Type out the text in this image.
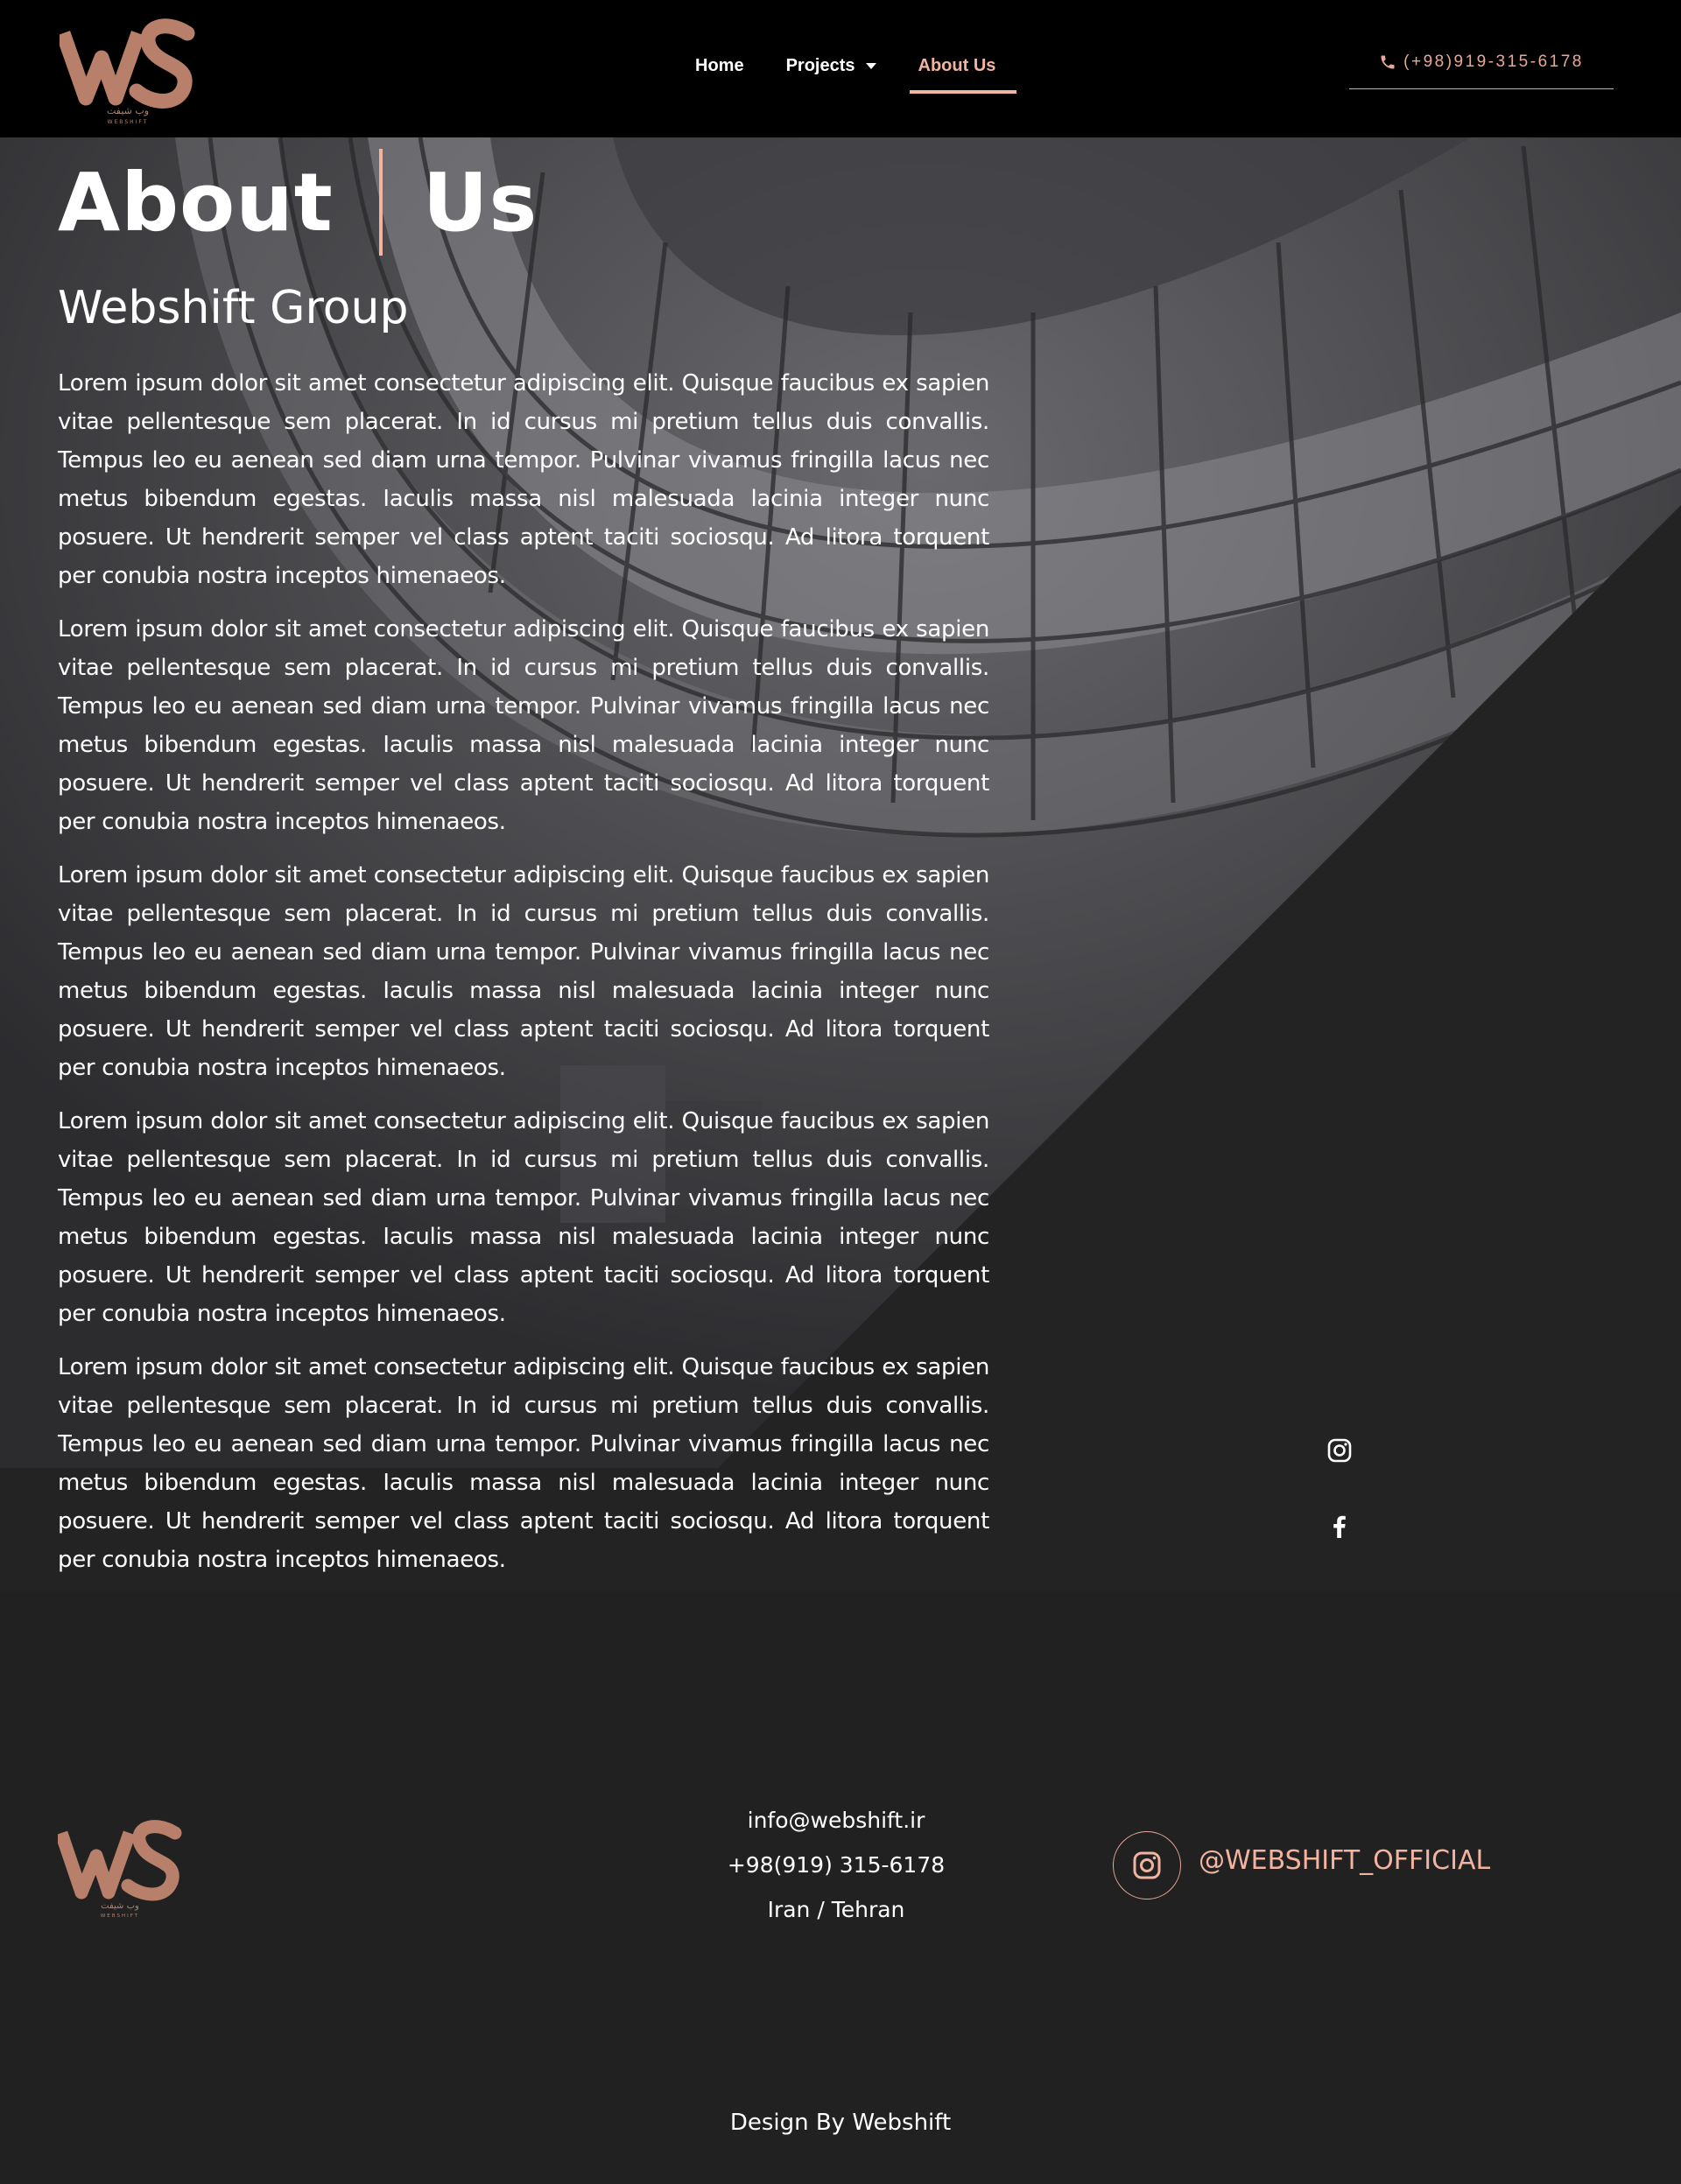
وب شیفت
WEBSHIFT
Home Projects	About Us	(+98)919-315-6178
About Us
Webshift Group

Lorem ipsum dolor sit amet consectetur adipiscing elit. Quisque faucibus ex sapien vitae pellentesque sem placerat. In id cursus mi pretium tellus duis convallis. Tempus leo eu aenean sed diam urna tempor. Pulvinar vivamus fringilla lacus nec metus bibendum egestas. Iaculis massa nisl malesuada lacinia integer nunc posuere. Ut hendrerit semper vel class aptent taciti sociosqu. Ad litora torquent per conubia nostra inceptos himenaeos.

Lorem ipsum dolor sit amet consectetur adipiscing elit. Quisque faucibus ex sapien vitae pellentesque sem placerat. In id cursus mi pretium tellus duis convallis. Tempus leo eu aenean sed diam urna tempor. Pulvinar vivamus fringilla lacus nec metus bibendum egestas. Iaculis massa nisl malesuada lacinia integer nunc posuere. Ut hendrerit semper vel class aptent taciti sociosqu. Ad litora torquent per conubia nostra inceptos himenaeos.

Lorem ipsum dolor sit amet consectetur adipiscing elit. Quisque faucibus ex sapien vitae pellentesque sem placerat. In id cursus mi pretium tellus duis convallis. Tempus leo eu aenean sed diam urna tempor. Pulvinar vivamus fringilla lacus nec metus bibendum egestas. Iaculis massa nisl malesuada lacinia integer nunc posuere. Ut hendrerit semper vel class aptent taciti sociosqu. Ad litora torquent per conubia nostra inceptos himenaeos.

Lorem ipsum dolor sit amet consectetur adipiscing elit. Quisque faucibus ex sapien vitae pellentesque sem placerat. In id cursus mi pretium tellus duis convallis. Tempus leo eu aenean sed diam urna tempor. Pulvinar vivamus fringilla lacus nec metus bibendum egestas. Iaculis massa nisl malesuada lacinia integer nunc posuere. Ut hendrerit semper vel class aptent taciti sociosqu. Ad litora torquent per conubia nostra inceptos himenaeos.

Lorem ipsum dolor sit amet consectetur adipiscing elit. Quisque faucibus ex sapien vitae pellentesque sem placerat. In id cursus mi pretium tellus duis convallis. Tempus leo eu aenean sed diam urna tempor. Pulvinar vivamus fringilla lacus nec metus bibendum egestas. Iaculis massa nisl malesuada lacinia integer nunc posuere. Ut hendrerit semper vel class aptent taciti sociosqu. Ad litora torquent per conubia nostra inceptos himenaeos.

وب شیفت
WEBSHIFT
info@webshift.ir
+98(919) 315-6178
Iran / Tehran
@WEBSHIFT_OFFICIAL
Design By Webshift
